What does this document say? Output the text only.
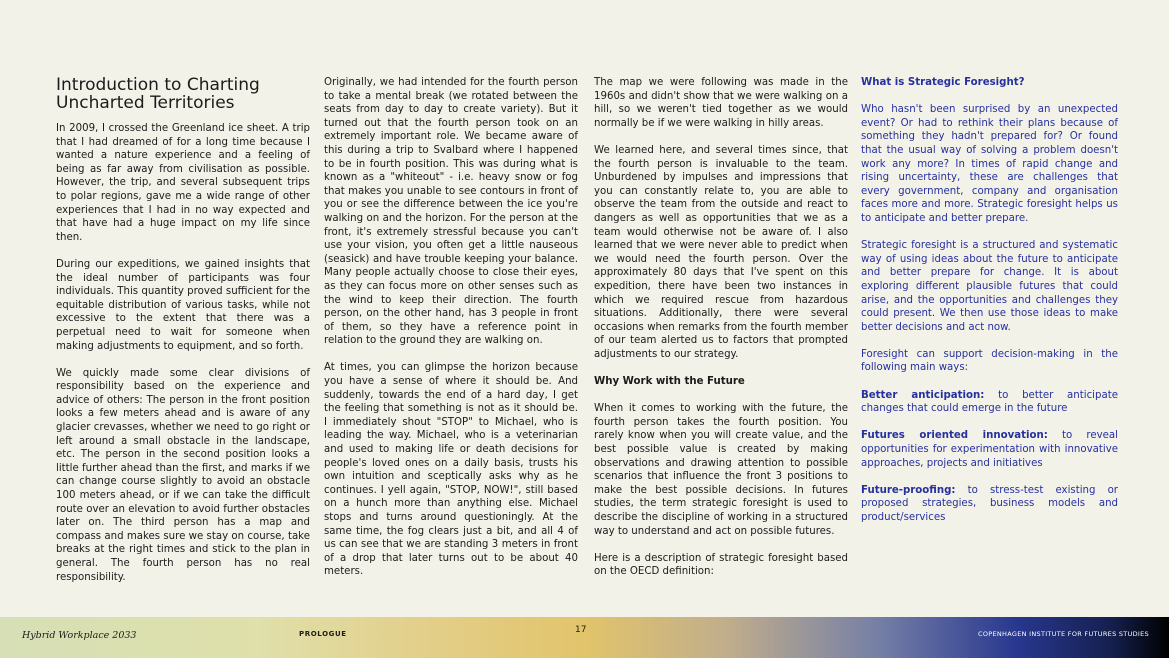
Introduction to Charting Uncharted Territories

In 2009, I crossed the Greenland ice sheet. A trip that I had dreamed of for a long time because I wanted a nature experience and a feeling of being as far away from civilisation as possible. However, the trip, and several subsequent trips to polar regions, gave me a wide range of other experiences that I had in no way expected and that have had a huge impact on my life since then.

During our expeditions, we gained insights that the ideal number of participants was four individuals. This quantity proved sufficient for the equitable distribution of various tasks, while not excessive to the extent that there was a perpetual need to wait for someone when making adjustments to equipment, and so forth.

We quickly made some clear divisions of responsibility based on the experience and advice of others: The person in the front position looks a few meters ahead and is aware of any glacier crevasses, whether we need to go right or left around a small obstacle in the landscape, etc. The person in the second position looks a little further ahead than the first, and marks if we can change course slightly to avoid an obstacle 100 meters ahead, or if we can take the difficult route over an elevation to avoid further obstacles later on. The third person has a map and compass and makes sure we stay on course, take breaks at the right times and stick to the plan in general. The fourth person has no real responsibility.

Originally, we had intended for the fourth person to take a mental break (we rotated between the seats from day to day to create variety). But it turned out that the fourth person took on an extremely important role. We became aware of this during a trip to Svalbard where I happened to be in fourth position. This was during what is known as a "whiteout" - i.e. heavy snow or fog that makes you unable to see contours in front of you or see the difference between the ice you're walking on and the horizon. For the person at the front, it's extremely stressful because you can't use your vision, you often get a little nauseous (seasick) and have trouble keeping your balance. Many people actually choose to close their eyes, as they can focus more on other senses such as the wind to keep their direction. The fourth person, on the other hand, has 3 people in front of them, so they have a reference point in relation to the ground they are walking on.

At times, you can glimpse the horizon because you have a sense of where it should be. And suddenly, towards the end of a hard day, I get the feeling that something is not as it should be. I immediately shout "STOP" to Michael, who is leading the way. Michael, who is a veterinarian and used to making life or death decisions for people's loved ones on a daily basis, trusts his own intuition and sceptically asks why as he continues. I yell again, "STOP, NOW!", still based on a hunch more than anything else. Michael stops and turns around questioningly. At the same time, the fog clears just a bit, and all 4 of us can see that we are standing 3 meters in front of a drop that later turns out to be about 40 meters.

The map we were following was made in the 1960s and didn't show that we were walking on a hill, so we weren't tied together as we would normally be if we were walking in hilly areas.

We learned here, and several times since, that the fourth person is invaluable to the team. Unburdened by impulses and impressions that you can constantly relate to, you are able to observe the team from the outside and react to dangers as well as opportunities that we as a team would otherwise not be aware of. I also learned that we were never able to predict when we would need the fourth person. Over the approximately 80 days that I've spent on this expedition, there have been two instances in which we required rescue from hazardous situations. Additionally, there were several occasions when remarks from the fourth member of our team alerted us to factors that prompted adjustments to our strategy.

Why Work with the Future

When it comes to working with the future, the fourth person takes the fourth position. You rarely know when you will create value, and the best possible value is created by making observations and drawing attention to possible scenarios that influence the front 3 positions to make the best possible decisions. In futures studies, the term strategic foresight is used to describe the discipline of working in a structured way to understand and act on possible futures.

Here is a description of strategic foresight based on the OECD definition:

What is Strategic Foresight?

Who hasn't been surprised by an unexpected event? Or had to rethink their plans because of something they hadn't prepared for? Or found that the usual way of solving a problem doesn't work any more? In times of rapid change and rising uncertainty, these are challenges that every government, company and organisation faces more and more. Strategic foresight helps us to anticipate and better prepare.

Strategic foresight is a structured and systematic way of using ideas about the future to anticipate and better prepare for change. It is about exploring different plausible futures that could arise, and the opportunities and challenges they could present. We then use those ideas to make better decisions and act now.

Foresight can support decision-making in the following main ways:

Better anticipation: to better anticipate changes that could emerge in the future

Futures oriented innovation: to reveal opportunities for experimentation with innovative approaches, projects and initiatives

Future-proofing: to stress-test existing or proposed strategies, business models and product/services

Hybrid Workplace 2033	PROLOGUE	17	COPENHAGEN INSTITUTE FOR FUTURES STUDIES
